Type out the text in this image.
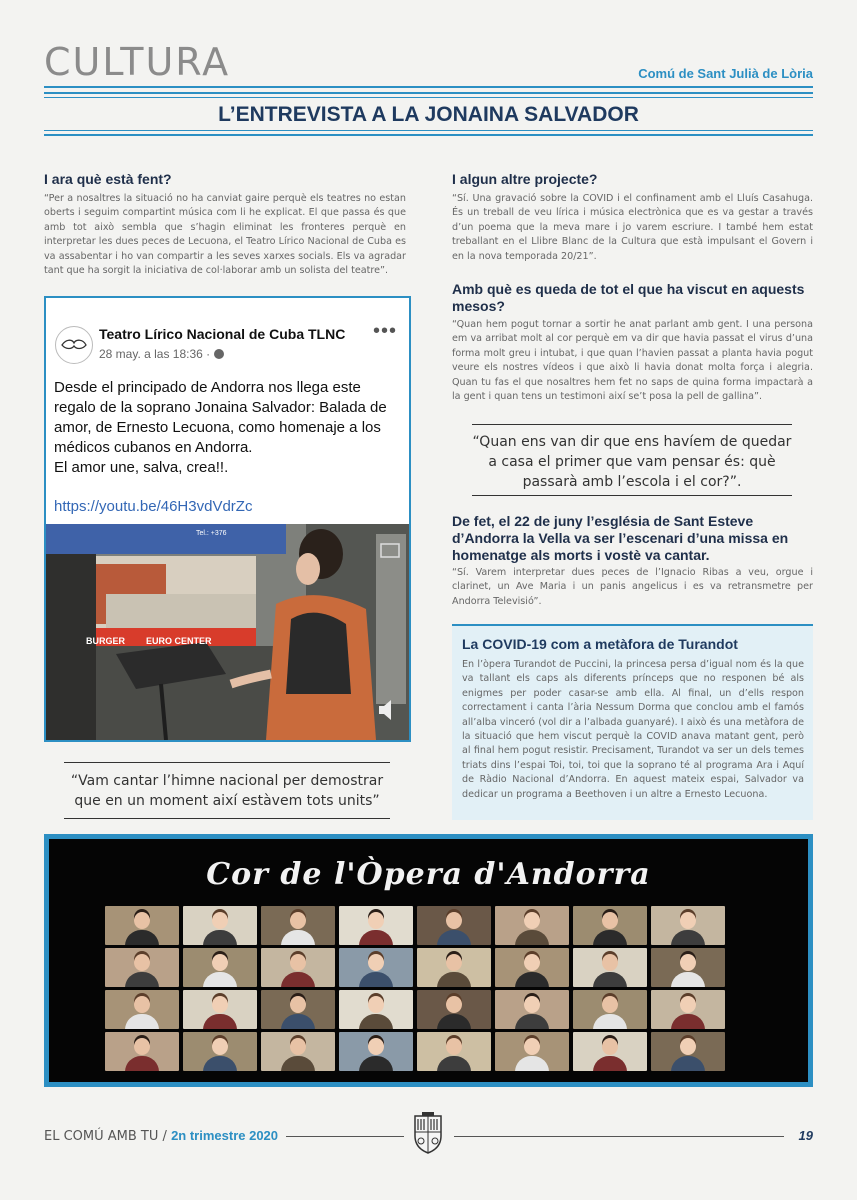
CULTURA	Comú de Sant Julià de Lòria
L’ENTREVISTA A LA JONAINA SALVADOR
I ara què està fent?
“Per a nosaltres la situació no ha canviat gaire perquè els teatres no estan oberts i seguim compartint música com li he explicat. El que passa és que amb tot això sembla que s’hagin eliminat les fronteres perquè en interpretar les dues peces de Lecuona, el Teatro Lírico Nacional de Cuba es va assabentar i ho van compartir a les seves xarxes socials. Els va agradar tant que ha sorgit la iniciativa de col·laborar amb un solista del teatre”.
Teatro Lírico Nacional de Cuba TLNC
28 may. a las 18:36 ·
•••
Desde el principado de Andorra nos llega este regalo de la soprano Jonaina Salvador: Balada de amor, de Ernesto Lecuona, como homenaje a los médicos cubanos en Andorra.
El amor une, salva, crea!!.
https://youtu.be/46H3vdVdrZc
BURGER EURO CENTER
Tel.: +376
“Vam cantar l’himne nacional per demostrar que en un moment així estàvem tots units”
I algun altre projecte?
“Sí. Una gravació sobre la COVID i el confinament amb el Lluís Casahuga. És un treball de veu lírica i música electrònica que es va gestar a través d’un poema que la meva mare i jo varem escriure. I també hem estat treballant en el Llibre Blanc de la Cultura que està impulsant el Govern i en la nova temporada 20/21”.
Amb què es queda de tot el que ha viscut en aquests mesos?
“Quan hem pogut tornar a sortir he anat parlant amb gent. I una persona em va arribat molt al cor perquè em va dir que havia passat el virus d’una forma molt greu i intubat, i que quan l’havien passat a planta havia pogut veure els nostres vídeos i que això li havia donat molta força i alegria. Quan tu fas el que nosaltres hem fet no saps de quina forma impactarà a la gent i quan tens un testimoni així se’t posa la pell de gallina”.
“Quan ens van dir que ens havíem de quedar a casa el primer que vam pensar és: què passarà amb l’escola i el cor?”.
De fet, el 22 de juny l’església de Sant Esteve d’Andorra la Vella va ser l’escenari d’una missa en homenatge als morts i vostè va cantar.
“Sí. Varem interpretar dues peces de l’Ignacio Ribas a veu, orgue i clarinet, un Ave Maria i un panis angelicus i es va retransmetre per Andorra Televisió”.
La COVID-19 com a metàfora de Turandot
En l’òpera Turandot de Puccini, la princesa persa d’igual nom és la que va tallant els caps als diferents prínceps que no responen bé als enigmes per poder casar-se amb ella. Al final, un d’ells respon correctament i canta l’ària Nessum Dorma que conclou amb el famós all’alba vinceró (vol dir a l’albada guanyaré). I això és una metàfora de la situació que hem viscut perquè la COVID anava matant gent, però al final hem pogut resistir. Precisament, Turandot va ser un dels temes triats dins l’espai Toi, toi, toi que la soprano té al programa Ara i Aquí de Ràdio Nacional d’Andorra. En aquest mateix espai, Salvador va dedicar un programa a Beethoven i un altre a Ernesto Lecuona.
Cor de l'Òpera d'Andorra
EL COMÚ AMB TU / 2n trimestre 2020	19
